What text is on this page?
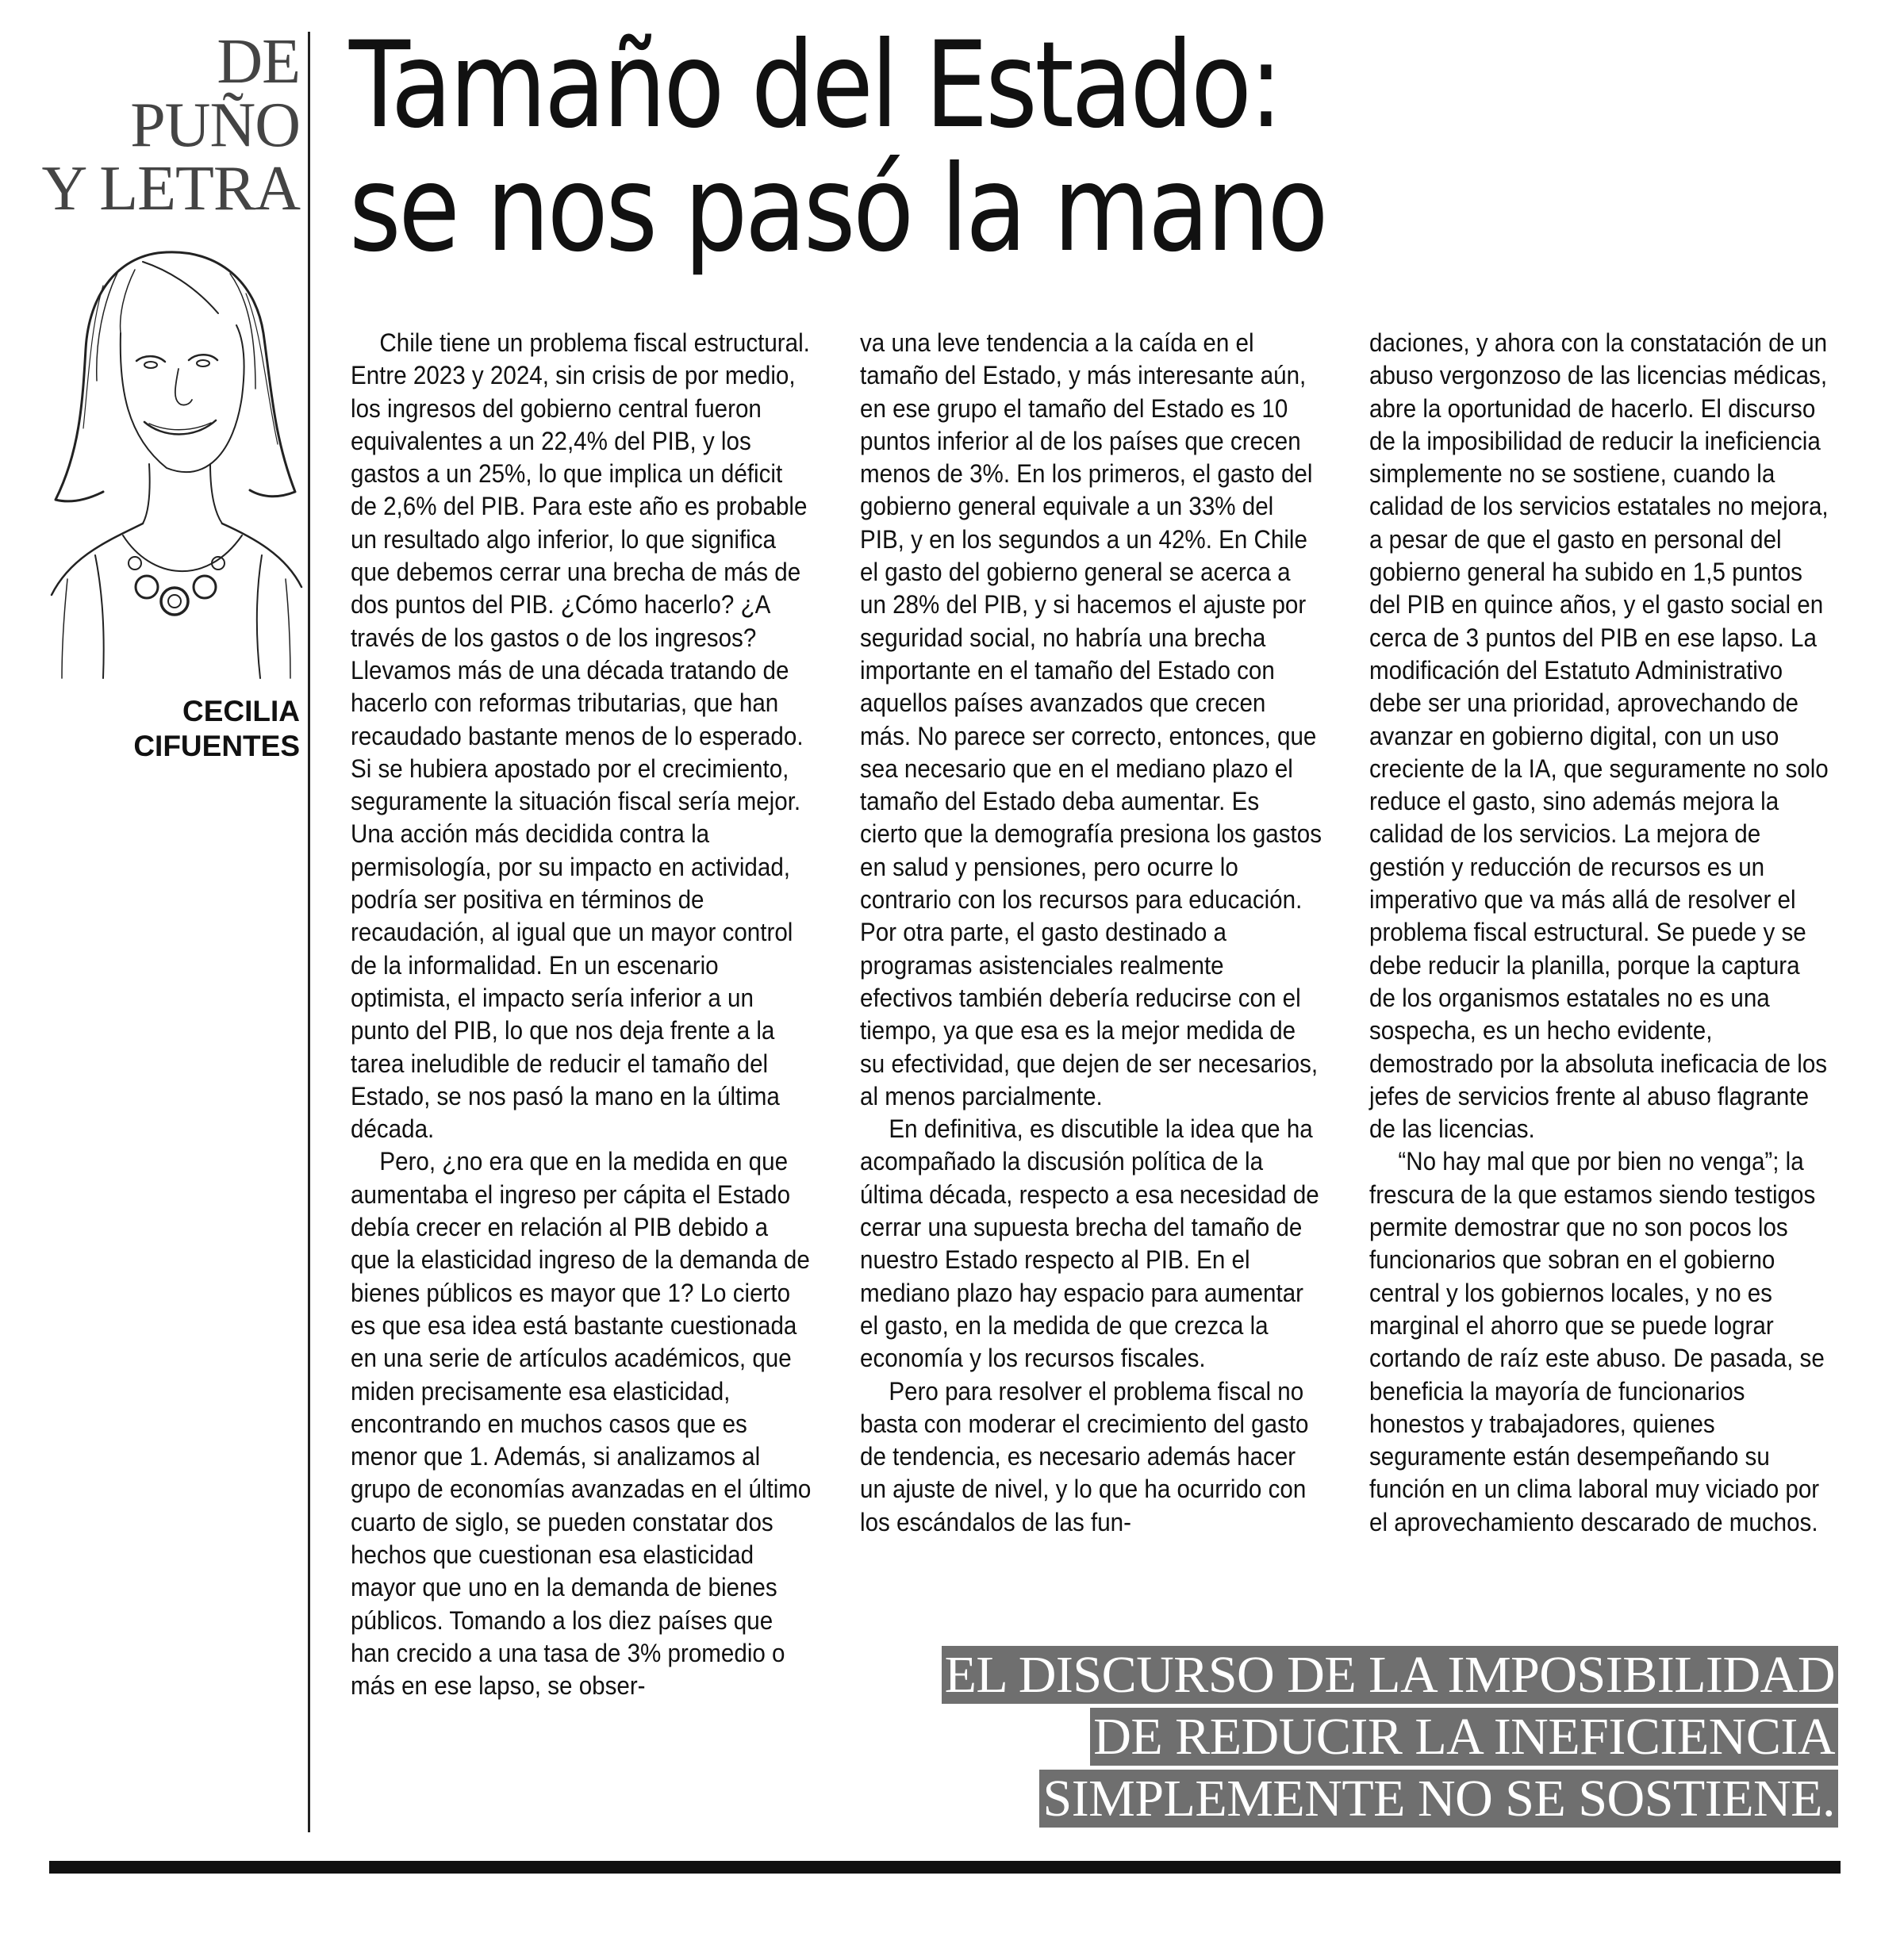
DE
PUÑO
Y LETRA
Tamaño del Estado:
se nos pasó la mano
CECILIA
CIFUENTES

Chile tiene un problema fiscal estructural. Entre 2023 y 2024, sin crisis de por medio, los ingresos del gobierno central fueron equivalentes a un 22,4% del PIB, y los gastos a un 25%, lo que implica un déficit de 2,6% del PIB. Para este año es probable un resultado algo inferior, lo que significa que debemos cerrar una brecha de más de dos puntos del PIB. ¿Cómo hacerlo? ¿A través de los gastos o de los ingresos? Llevamos más de una década tratando de hacerlo con reformas tributarias, que han recaudado bastante menos de lo esperado. Si se hubiera apostado por el crecimiento, seguramente la situación fiscal sería mejor. Una acción más decidida contra la permisología, por su impacto en actividad, podría ser positiva en términos de recaudación, al igual que un mayor control de la informalidad. En un escenario optimista, el impacto sería inferior a un punto del PIB, lo que nos deja frente a la tarea ineludible de reducir el tamaño del Estado, se nos pasó la mano en la última década.

Pero, ¿no era que en la medida en que aumentaba el ingreso per cápita el Estado debía crecer en relación al PIB debido a que la elasticidad ingreso de la demanda de bienes públicos es mayor que 1? Lo cierto es que esa idea está bastante cuestionada en una serie de artículos académicos, que miden precisamente esa elasticidad, encontrando en muchos casos que es menor que 1. Además, si analizamos al grupo de economías avanzadas en el último cuarto de siglo, se pueden constatar dos hechos que cuestionan esa elasticidad mayor que uno en la demanda de bienes públicos. Tomando a los diez países que han crecido a una tasa de 3% promedio o más en ese lapso, se obser-

va una leve tendencia a la caída en el tamaño del Estado, y más interesante aún, en ese grupo el tamaño del Estado es 10 puntos inferior al de los países que crecen menos de 3%. En los primeros, el gasto del gobierno general equivale a un 33% del PIB, y en los segundos a un 42%. En Chile el gasto del gobierno general se acerca a un 28% del PIB, y si hacemos el ajuste por seguridad social, no habría una brecha importante en el tamaño del Estado con aquellos países avanzados que crecen más. No parece ser correcto, entonces, que sea necesario que en el mediano plazo el tamaño del Estado deba aumentar. Es cierto que la demografía presiona los gastos en salud y pensiones, pero ocurre lo contrario con los recursos para educación. Por otra parte, el gasto destinado a programas asistenciales realmente efectivos también debería reducirse con el tiempo, ya que esa es la mejor medida de su efectividad, que dejen de ser necesarios, al menos parcialmente.

En definitiva, es discutible la idea que ha acompañado la discusión política de la última década, respecto a esa necesidad de cerrar una supuesta brecha del tamaño de nuestro Estado respecto al PIB. En el mediano plazo hay espacio para aumentar el gasto, en la medida de que crezca la economía y los recursos fiscales.

Pero para resolver el problema fiscal no basta con moderar el crecimiento del gasto de tendencia, es necesario además hacer un ajuste de nivel, y lo que ha ocurrido con los escándalos de las fun-

daciones, y ahora con la constatación de un abuso vergonzoso de las licencias médicas, abre la oportunidad de hacerlo. El discurso de la imposibilidad de reducir la ineficiencia simplemente no se sostiene, cuando la calidad de los servicios estatales no mejora, a pesar de que el gasto en personal del gobierno general ha subido en 1,5 puntos del PIB en quince años, y el gasto social en cerca de 3 puntos del PIB en ese lapso. La modificación del Estatuto Administrativo debe ser una prioridad, aprovechando de avanzar en gobierno digital, con un uso creciente de la IA, que seguramente no solo reduce el gasto, sino además mejora la calidad de los servicios. La mejora de gestión y reducción de recursos es un imperativo que va más allá de resolver el problema fiscal estructural. Se puede y se debe reducir la planilla, porque la captura de los organismos estatales no es una sospecha, es un hecho evidente, demostrado por la absoluta ineficacia de los jefes de servicios frente al abuso flagrante de las licencias.

“No hay mal que por bien no venga”; la frescura de la que estamos siendo testigos permite demostrar que no son pocos los funcionarios que sobran en el gobierno central y los gobiernos locales, y no es marginal el ahorro que se puede lograr cortando de raíz este abuso. De pasada, se beneficia la mayoría de funcionarios honestos y trabajadores, quienes seguramente están desempeñando su función en un clima laboral muy viciado por el aprovechamiento descarado de muchos.

EL DISCURSO DE LA IMPOSIBILIDAD
DE REDUCIR LA INEFICIENCIA
SIMPLEMENTE NO SE SOSTIENE.
